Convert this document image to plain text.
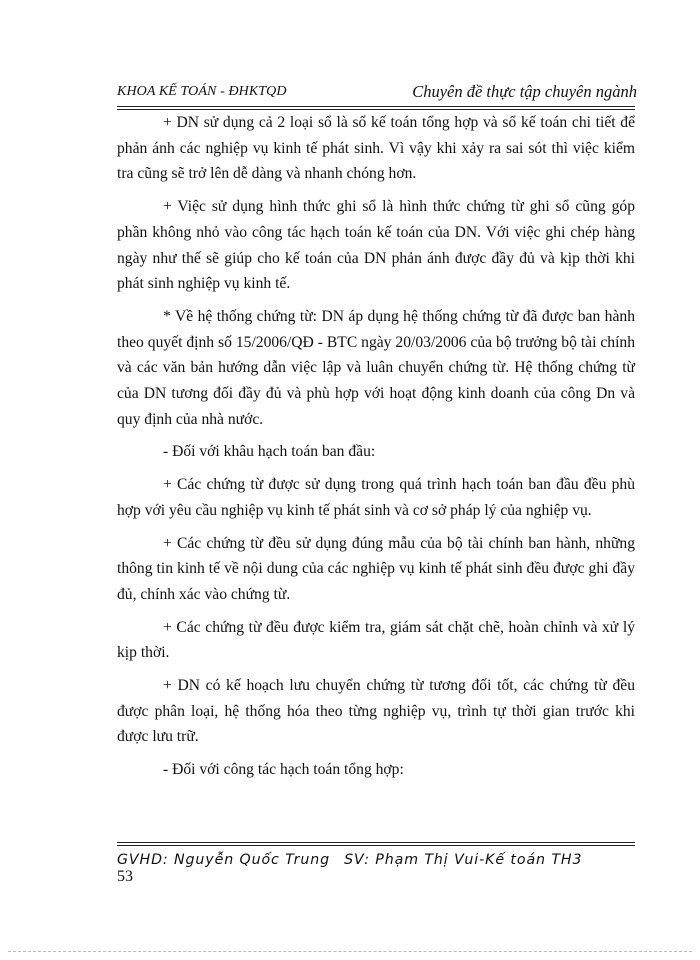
KHOA KẾ TOÁN - ĐHKTQD	Chuyên đề thực tập chuyên ngành

+ DN sử dụng cả 2 loại sổ là sổ kế toán tổng hợp và sổ kế toán chi tiết để phản ánh các nghiệp vụ kinh tế phát sinh. Vì vậy khi xảy ra sai sót thì việc kiểm tra cũng sẽ trở lên dễ dàng và nhanh chóng hơn.

+ Việc sử dụng hình thức ghi sổ là hình thức chứng từ ghi sổ cũng góp phần không nhỏ vào công tác hạch toán kế toán của DN. Với việc ghi chép hàng ngày như thế sẽ giúp cho kế toán của DN phản ánh được đầy đủ và kịp thời khi phát sinh nghiệp vụ kinh tế.

* Về hệ thống chứng từ: DN áp dụng hệ thống chứng từ đã được ban hành theo quyết định số 15/2006/QĐ - BTC ngày 20/03/2006 của bộ trưởng bộ tài chính và các văn bản hướng dẫn việc lập và luân chuyển chứng từ. Hệ thống chứng từ của DN tương đối đầy đủ và phù hợp với hoạt động kinh doanh của công Dn và quy định của nhà nước.

- Đối với khâu hạch toán ban đầu:

+ Các chứng từ được sử dụng trong quá trình hạch toán ban đầu đều phù hợp với yêu cầu nghiệp vụ kinh tế phát sinh và cơ sở pháp lý của nghiệp vụ.

+ Các chứng từ đều sử dụng đúng mẫu của bộ tài chính ban hành, những thông tin kinh tế về nội dung của các nghiệp vụ kinh tế phát sinh đều được ghi đầy đủ, chính xác vào chứng từ.

+ Các chứng từ đều được kiểm tra, giám sát chặt chẽ, hoàn chỉnh và xử lý kịp thời.

+ DN có kế hoạch lưu chuyển chứng từ tương đối tốt, các chứng từ đều được phân loại, hệ thống hóa theo từng nghiệp vụ, trình tự thời gian trước khi được lưu trữ.

- Đối với công tác hạch toán tổng hợp:

GVHD: Nguyễn Quốc Trung SV: Phạm Thị Vui-Kế toán TH3
53
